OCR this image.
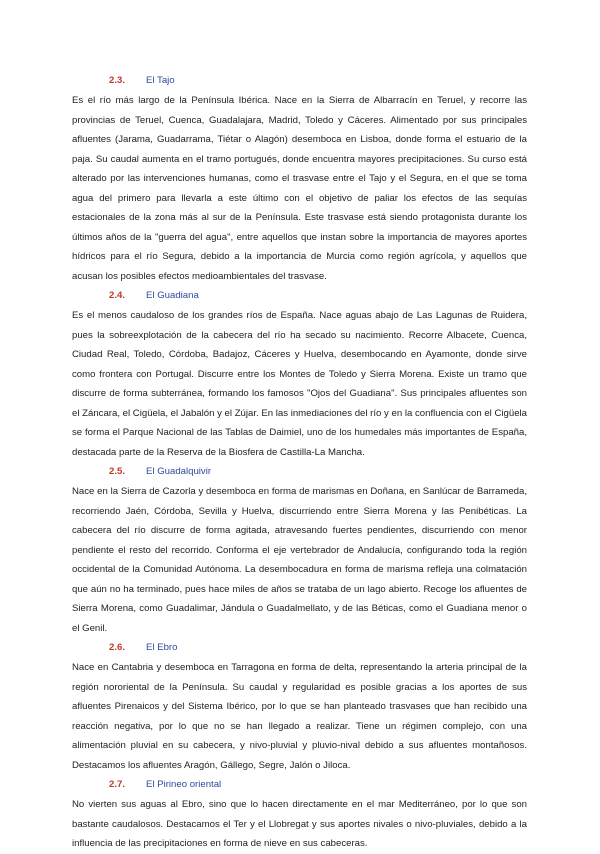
2.3. El Tajo

Es el río más largo de la Península Ibérica. Nace en la Sierra de Albarracín en Teruel, y recorre las provincias de Teruel, Cuenca, Guadalajara, Madrid, Toledo y Cáceres. Alimentado por sus principales afluentes (Jarama, Guadarrama, Tiétar o Alagón) desemboca en Lisboa, donde forma el estuario de la paja. Su caudal aumenta en el tramo portugués, donde encuentra mayores precipitaciones. Su curso está alterado por las intervenciones humanas, como el trasvase entre el Tajo y el Segura, en el que se toma agua del primero para llevarla a este último con el objetivo de paliar los efectos de las sequías estacionales de la zona más al sur de la Península. Este trasvase está siendo protagonista durante los últimos años de la "guerra del agua", entre aquellos que instan sobre la importancia de mayores aportes hídricos para el río Segura, debido a la importancia de Murcia como región agrícola, y aquellos que acusan los posibles efectos medioambientales del trasvase.

2.4. El Guadiana

Es el menos caudaloso de los grandes ríos de España. Nace aguas abajo de Las Lagunas de Ruidera, pues la sobreexplotación de la cabecera del río ha secado su nacimiento. Recorre Albacete, Cuenca, Ciudad Real, Toledo, Córdoba, Badajoz, Cáceres y Huelva, desembocando en Ayamonte, donde sirve como frontera con Portugal. Discurre entre los Montes de Toledo y Sierra Morena. Existe un tramo que discurre de forma subterránea, formando los famosos "Ojos del Guadiana". Sus principales afluentes son el Záncara, el Cigüela, el Jabalón y el Zújar. En las inmediaciones del río y en la confluencia con el Cigüela se forma el Parque Nacional de las Tablas de Daimiel, uno de los humedales más importantes de España, destacada parte de la Reserva de la Biosfera de Castilla-La Mancha.

2.5. El Guadalquivir

Nace en la Sierra de Cazorla y desemboca en forma de marismas en Doñana, en Sanlúcar de Barrameda, recorriendo Jaén, Córdoba, Sevilla y Huelva, discurriendo entre Sierra Morena y las Penibéticas. La cabecera del río discurre de forma agitada, atravesando fuertes pendientes, discurriendo con menor pendiente el resto del recorrido. Conforma el eje vertebrador de Andalucía, configurando toda la región occidental de la Comunidad Autónoma. La desembocadura en forma de marisma refleja una colmatación que aún no ha terminado, pues hace miles de años se trataba de un lago abierto. Recoge los afluentes de Sierra Morena, como Guadalimar, Jándula o Guadalmellato, y de las Béticas, como el Guadiana menor o el Genil.

2.6. El Ebro

Nace en Cantabria y desemboca en Tarragona en forma de delta, representando la arteria principal de la región nororiental de la Península. Su caudal y regularidad es posible gracias a los aportes de sus afluentes Pirenaicos y del Sistema Ibérico, por lo que se han planteado trasvases que han recibido una reacción negativa, por lo que no se han llegado a realizar. Tiene un régimen complejo, con una alimentación pluvial en su cabecera, y nivo-pluvial y pluvio-nival debido a sus afluentes montañosos. Destacamos los afluentes Aragón, Gállego, Segre, Jalón o Jiloca.

2.7. El Pirineo oriental

No vierten sus aguas al Ebro, sino que lo hacen directamente en el mar Mediterráneo, por lo que son bastante caudalosos. Destacamos el Ter y el Llobregat y sus aportes nivales o nivo-pluviales, debido a la influencia de las precipitaciones en forma de nieve en sus cabeceras.
